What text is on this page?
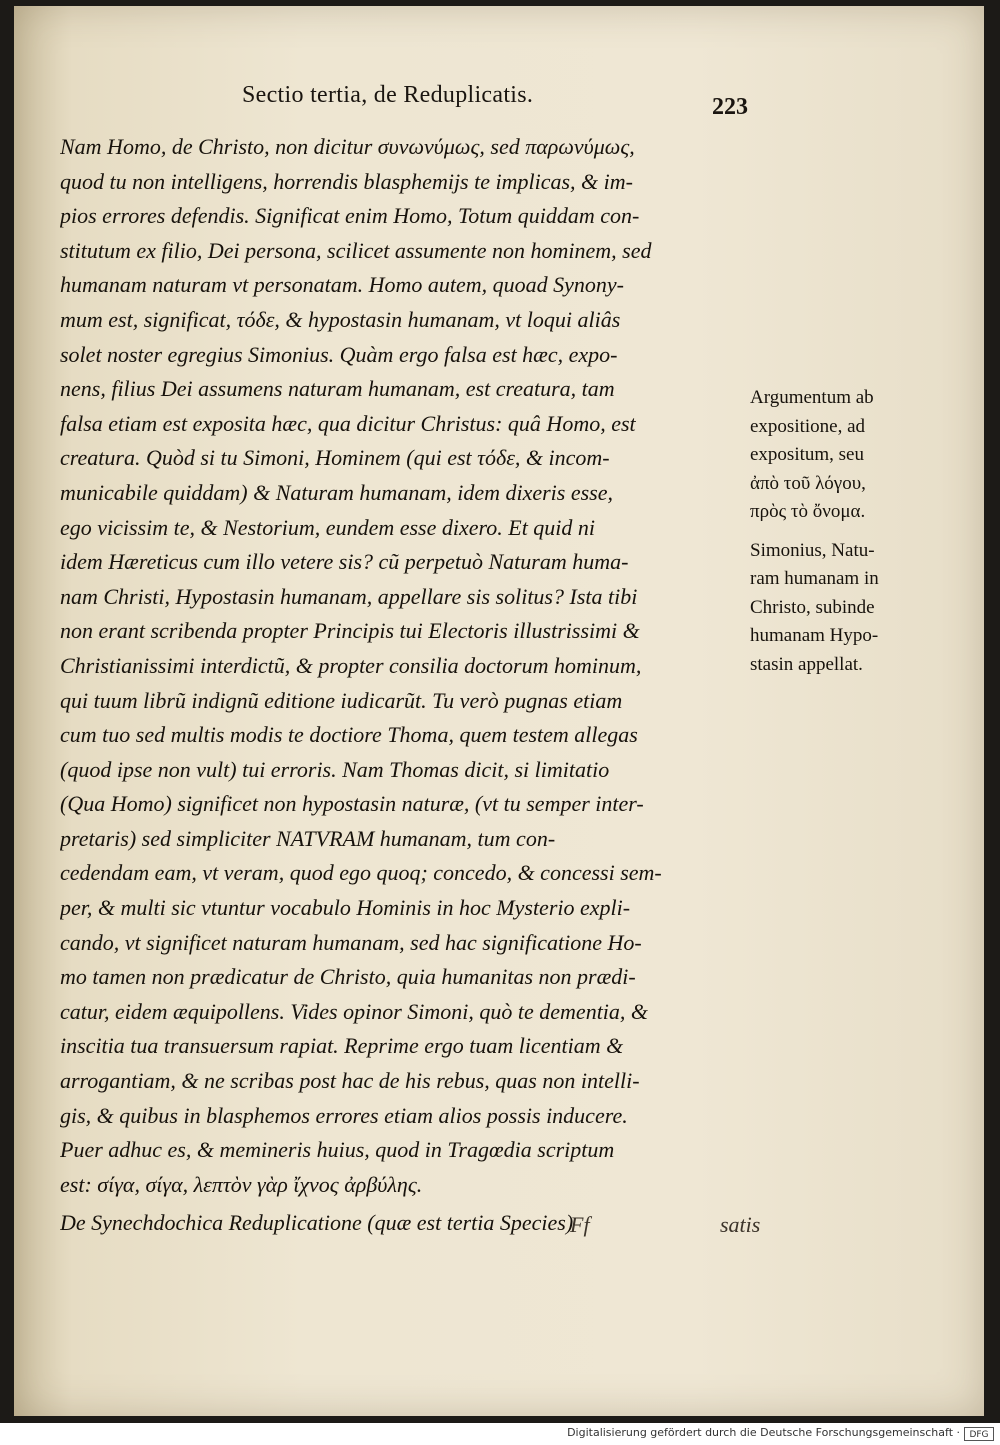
Sectio tertia, de Reduplicatis.	223
Nam Homo, de Christo, non dicitur συνωνύμως, sed παρωνύμως,
quod tu non intelligens, horrendis blasphemijs te implicas, & im-
pios errores defendis. Significat enim Homo, Totum quiddam con-
stitutum ex filio, Dei persona, scilicet assumente non hominem, sed
humanam naturam vt personatam. Homo autem, quoad Synony-
mum est, significat, τόδε, & hypostasin humanam, vt loqui aliâs
solet noster egregius Simonius. Quàm ergo falsa est hæc, expo-
nens, filius Dei assumens naturam humanam, est creatura, tam
falsa etiam est exposita hæc, qua dicitur Christus: quâ Homo, est
creatura. Quòd si tu Simoni, Hominem (qui est τόδε, & incom-
municabile quiddam) & Naturam humanam, idem dixeris esse,
ego vicissim te, & Nestorium, eundem esse dixero. Et quid ni
idem Hæreticus cum illo vetere sis? cũ perpetuò Naturam huma-
nam Christi, Hypostasin humanam, appellare sis solitus? Ista tibi
non erant scribenda propter Principis tui Electoris illustrissimi &
Christianissimi interdictũ, & propter consilia doctorum hominum,
qui tuum librũ indignũ editione iudicarũt. Tu verò pugnas etiam
cum tuo sed multis modis te doctiore Thoma, quem testem allegas
(quod ipse non vult) tui erroris. Nam Thomas dicit, si limitatio
(Qua Homo) significet non hypostasin naturæ, (vt tu semper inter-
pretaris) sed simpliciter NATVRAM humanam, tum con-
cedendam eam, vt veram, quod ego quoq; concedo, & concessi sem-
per, & multi sic vtuntur vocabulo Hominis in hoc Mysterio expli-
cando, vt significet naturam humanam, sed hac significatione Ho-
mo tamen non prædicatur de Christo, quia humanitas non prædi-
catur, eidem æquipollens. Vides opinor Simoni, quò te dementia, &
inscitia tua transuersum rapiat. Reprime ergo tuam licentiam &
arrogantiam, & ne scribas post hac de his rebus, quas non intelli-
gis, & quibus in blasphemos errores etiam alios possis inducere.
Puer adhuc es, & memineris huius, quod in Tragœdia scriptum
est: σίγα, σίγα, λεπτὸν γὰρ ἴχνος ἀρβύλης.
De Synechdochica Reduplicatione (quæ est tertia Species)
Ff	satis
Argumentum ab
expositione, ad
expositum, seu
ἀπὸ τοῦ λόγου,
πρὸς τὸ ὄνομα.
Simonius, Natu-
ram humanam in
Christo, subinde
humanam Hypo-
stasin appellat.
Digitalisierung gefördert durch die Deutsche Forschungsgemeinschaft ·	DFG
